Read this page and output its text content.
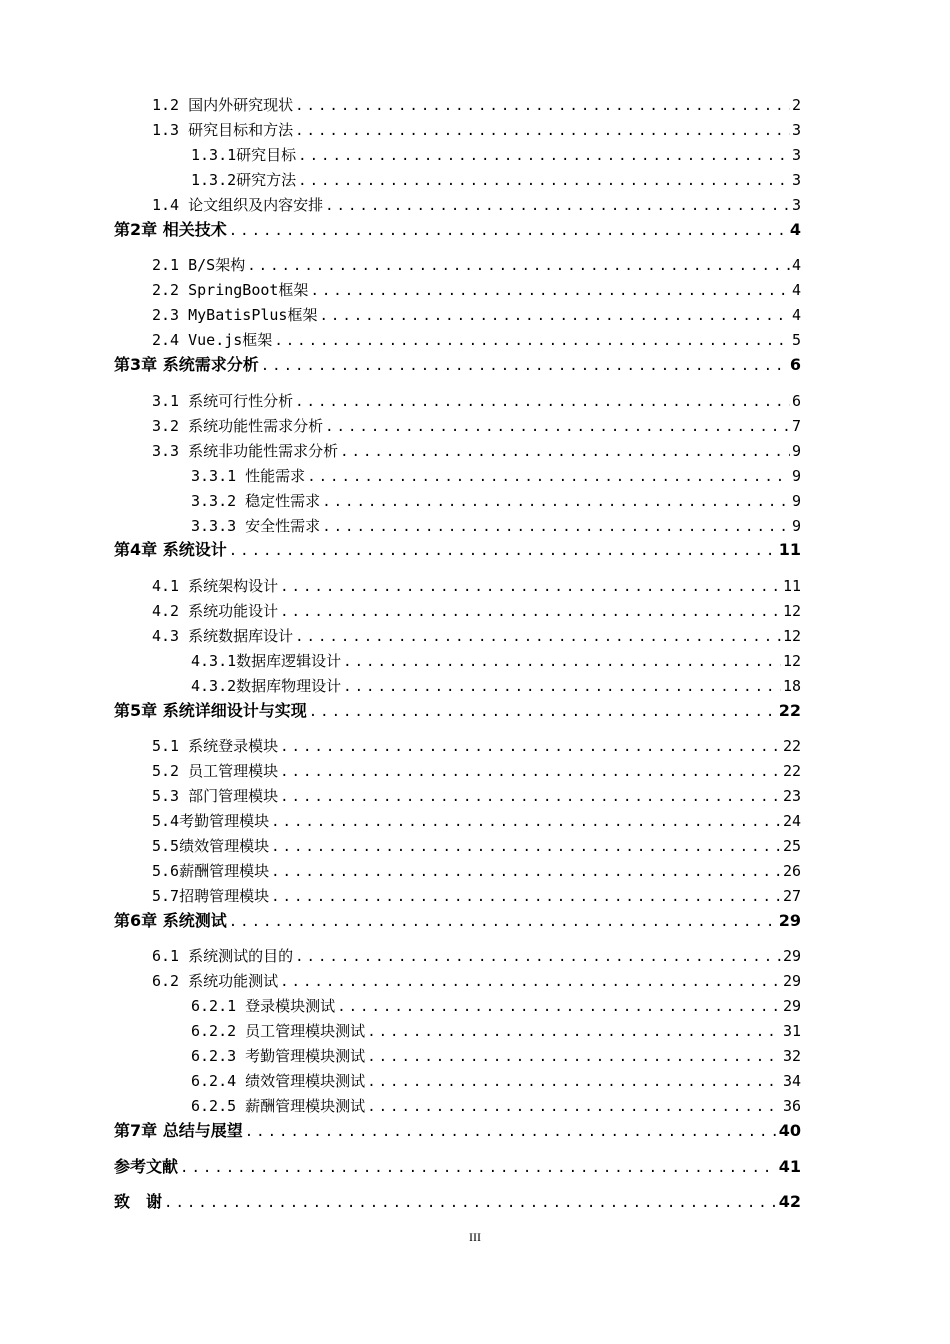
1.2 国内外研究现状 .....	2
1.3 研究目标和方法 .....	3
1.3.1研究目标 .....	3
1.3.2研究方法 .....	3
1.4 论文组织及内容安排 .....	3
第2章 相关技术 .....	4
2.1 B/S架构 .....	4
2.2 SpringBoot框架 .....	4
2.3 MyBatisPlus框架 .....	4
2.4 Vue.js框架 .....	5
第3章 系统需求分析 .....	6
3.1 系统可行性分析 .....	6
3.2 系统功能性需求分析 .....	7
3.3 系统非功能性需求分析 .....	9
3.3.1 性能需求 .....	9
3.3.2 稳定性需求 .....	9
3.3.3 安全性需求 .....	9
第4章 系统设计 .....	11
4.1 系统架构设计 .....	11
4.2 系统功能设计 .....	12
4.3 系统数据库设计 .....	12
4.3.1数据库逻辑设计 .....	12
4.3.2数据库物理设计 .....	18
第5章 系统详细设计与实现 .....	22
5.1 系统登录模块 .....	22
5.2 员工管理模块 .....	22
5.3 部门管理模块 .....	23
5.4考勤管理模块 .....	24
5.5绩效管理模块 .....	25
5.6薪酬管理模块 .....	26
5.7招聘管理模块 .....	27
第6章 系统测试 .....	29
6.1 系统测试的目的 .....	29
6.2 系统功能测试 .....	29
6.2.1 登录模块测试 .....	29
6.2.2 员工管理模块测试 .....	31
6.2.3 考勤管理模块测试 .....	32
6.2.4 绩效管理模块测试 .....	34
6.2.5 薪酬管理模块测试 .....	36
第7章 总结与展望 .....	40
参考文献 .....	41
致　谢 .....	42
III
